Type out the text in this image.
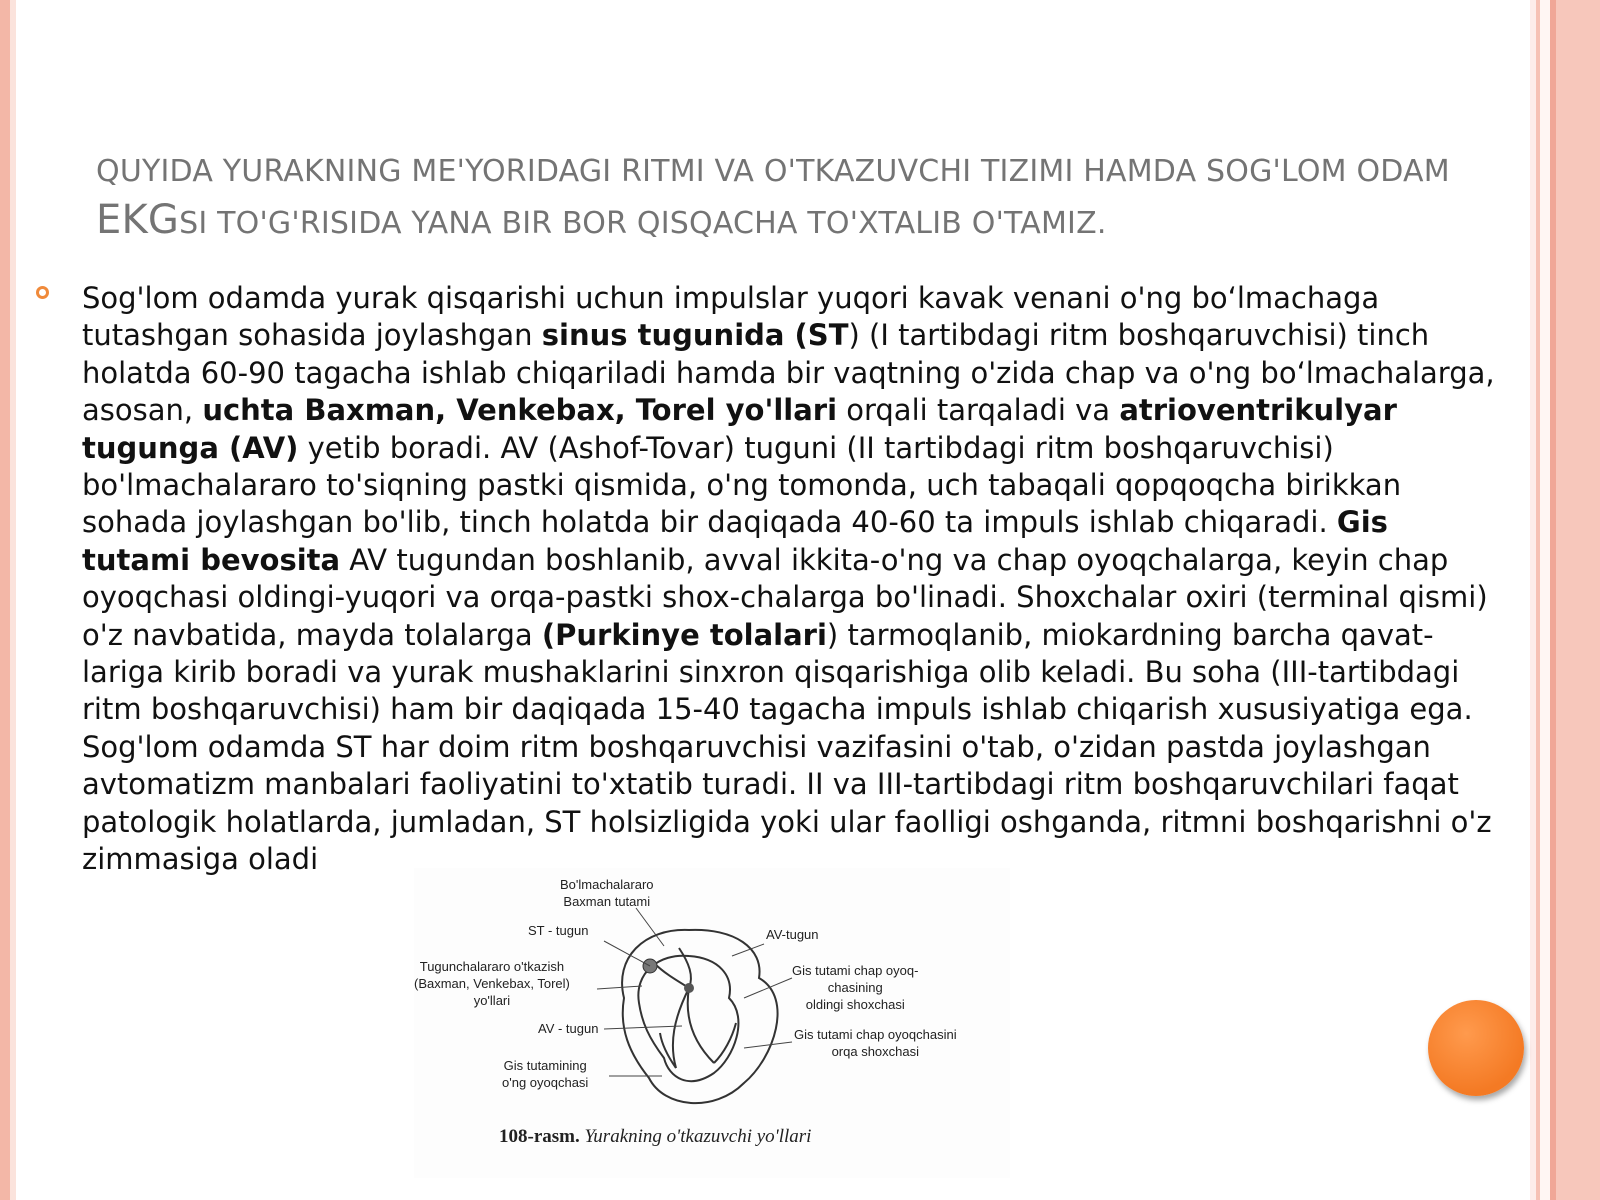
QUYIDA YURAKNING ME'YORIDAGI RITMI VA O'TKAZUVCHI TIZIMI HAMDA SOG'LOM ODAM EKGSI TO'G'RISIDA YANA BIR BOR QISQACHA TO'XTALIB O'TAMIZ.
Sog'lom odamda yurak qisqarishi uchun impulslar yuqori kavak venani o'ng boʻlmachaga tutashgan sohasida joylashgan sinus tugunida (ST) (I tartibdagi ritm boshqaruvchisi) tinch holatda 60-90 tagacha ishlab chiqariladi hamda bir vaqtning o'zida chap va o'ng boʻlmachalarga, asosan, uchta Baxman, Venkebax, Torel yo'llari orqali tarqaladi va atrioventrikulyar tugunga (AV) yetib boradi. AV (Ashof-Tovar) tuguni (II tartibdagi ritm boshqaruvchisi) bo'lmachalararo to'siqning pastki qismida, o'ng tomonda, uch tabaqali qopqoqcha birikkan sohada joylashgan bo'lib, tinch holatda bir daqiqada 40-60 ta impuls ishlab chiqaradi. Gis tutami bevosita AV tugundan boshlanib, avval ikkita-o'ng va chap oyoqchalarga, keyin chap oyoqchasi oldingi-yuqori va orqa-pastki shox-chalarga bo'linadi. Shoxchalar oxiri (terminal qismi) o'z navbatida, mayda tolalarga (Purkinye tolalari) tarmoqlanib, miokardning barcha qavat-lariga kirib boradi va yurak mushaklarini sinxron qisqarishiga olib keladi. Bu soha (III-tartibdagi ritm boshqaruvchisi) ham bir daqiqada 15-40 tagacha impuls ishlab chiqarish xususiyatiga ega. Sog'lom odamda ST har doim ritm boshqaruvchisi vazifasini o'tab, o'zidan pastda joylashgan avtomatizm manbalari faoliyatini to'xtatib turadi. II va III-tartibdagi ritm boshqaruvchilari faqat patologik holatlarda, jumladan, ST holsizligida yoki ular faolligi oshganda, ritmni boshqarishni o'z zimmasiga oladi
Bo'lmachalararo
Baxman tutami
ST - tugun	AV-tugun
Tugunchalararo o'tkazish
(Baxman, Venkebax, Torel)
yo'llari
AV - tugun
Gis tutamining
o'ng oyoqchasi
Gis tutami chap oyoq-
chasining
oldingi shoxchasi
Gis tutami chap oyoqchasini
orqa shoxchasi
108-rasm. Yurakning o'tkazuvchi yo'llari
